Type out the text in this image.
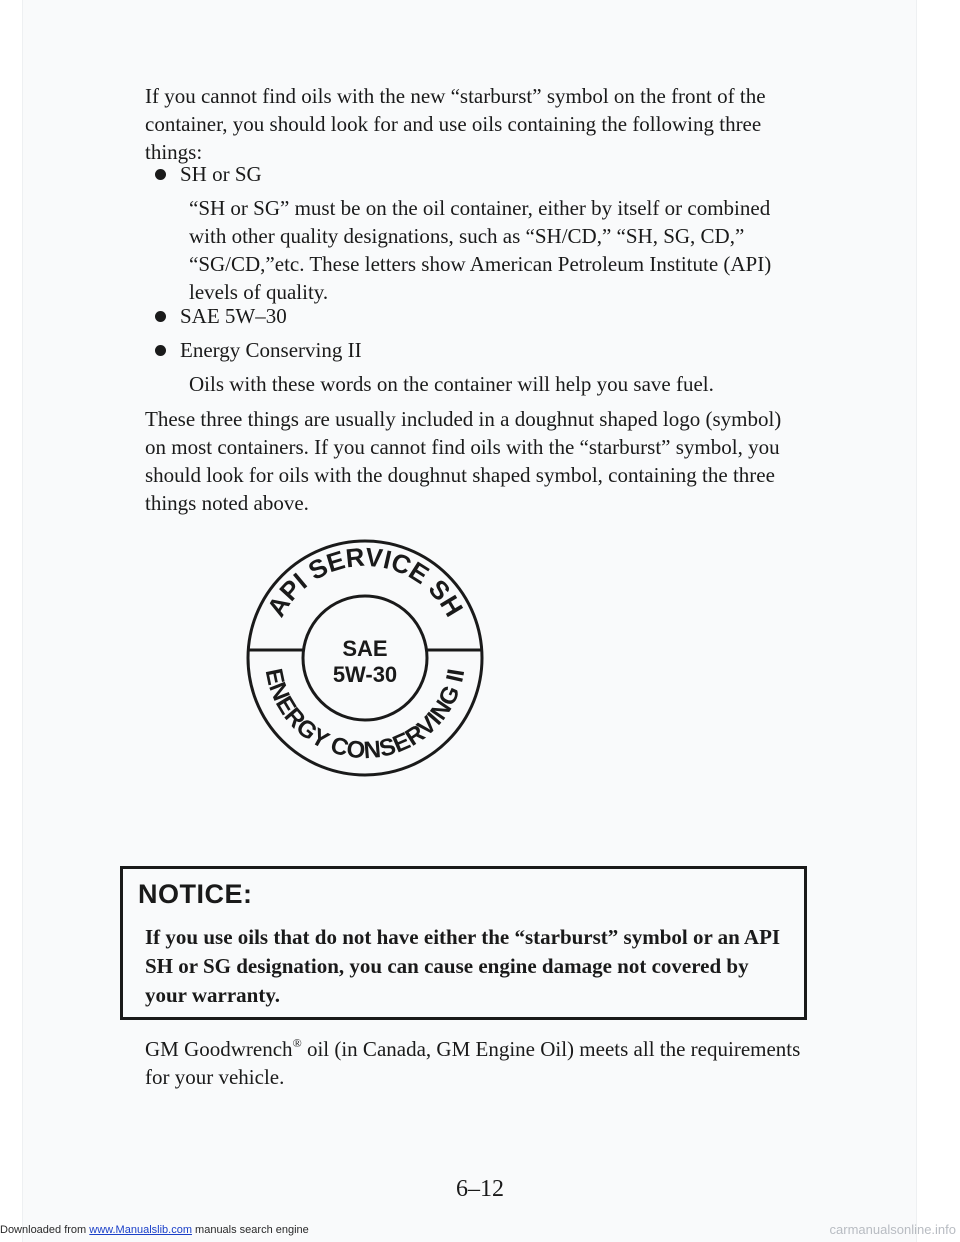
If you cannot find oils with the new “starburst” symbol on the front of the container, you should look for and use oils containing the following three things:

SH or SG

“SH or SG” must be on the oil container, either by itself or combined with other quality designations, such as “SH/CD,” “SH, SG, CD,” “SG/CD,”etc. These letters show American Petroleum Institute (API) levels of quality.

SAE 5W–30
Energy Conserving II

Oils with these words on the container will help you save fuel.

These three things are usually included in a doughnut shaped logo (symbol) on most containers. If you cannot find oils with the “starburst” symbol, you should look for oils with the doughnut shaped symbol, containing the three things noted above.

API SERVICE SH
ENERGY CONSERVING II
SAE
5W-30

NOTICE:

If you use oils that do not have either the “starburst” symbol or an API SH or SG designation, you can cause engine damage not covered by your warranty.

GM Goodwrench® oil (in Canada, GM Engine Oil) meets all the requirements for your vehicle.

6–12

Downloaded from www.Manualslib.com manuals search engine	carmanualsonline.info
